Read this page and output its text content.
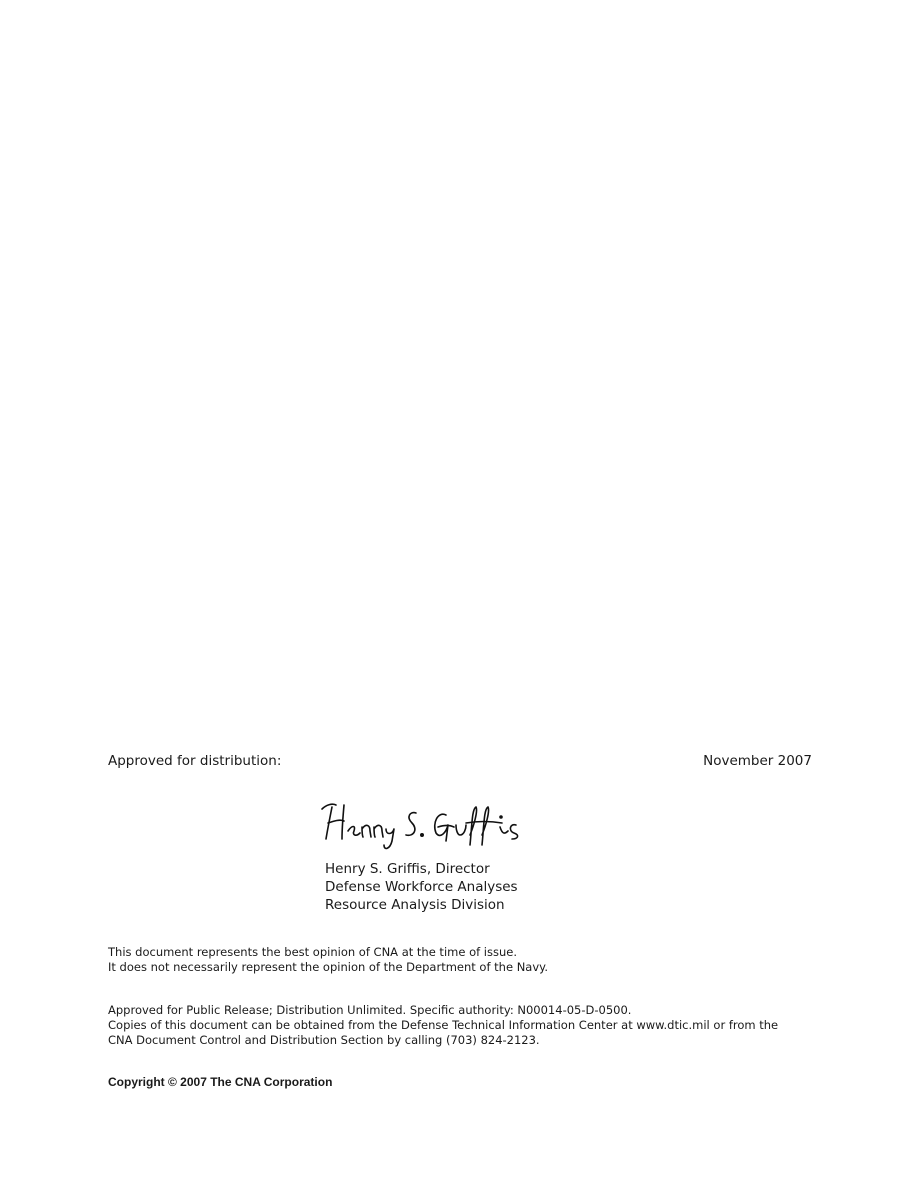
Approved for distribution:	November 2007
Henry S. Griffis, Director
Defense Workforce Analyses
Resource Analysis Division
This document represents the best opinion of CNA at the time of issue.
It does not necessarily represent the opinion of the Department of the Navy.
Approved for Public Release; Distribution Unlimited. Specific authority: N00014-05-D-0500.
Copies of this document can be obtained from the Defense Technical Information Center at www.dtic.mil or from the
CNA Document Control and Distribution Section by calling (703) 824-2123.
Copyright © 2007 The CNA Corporation
